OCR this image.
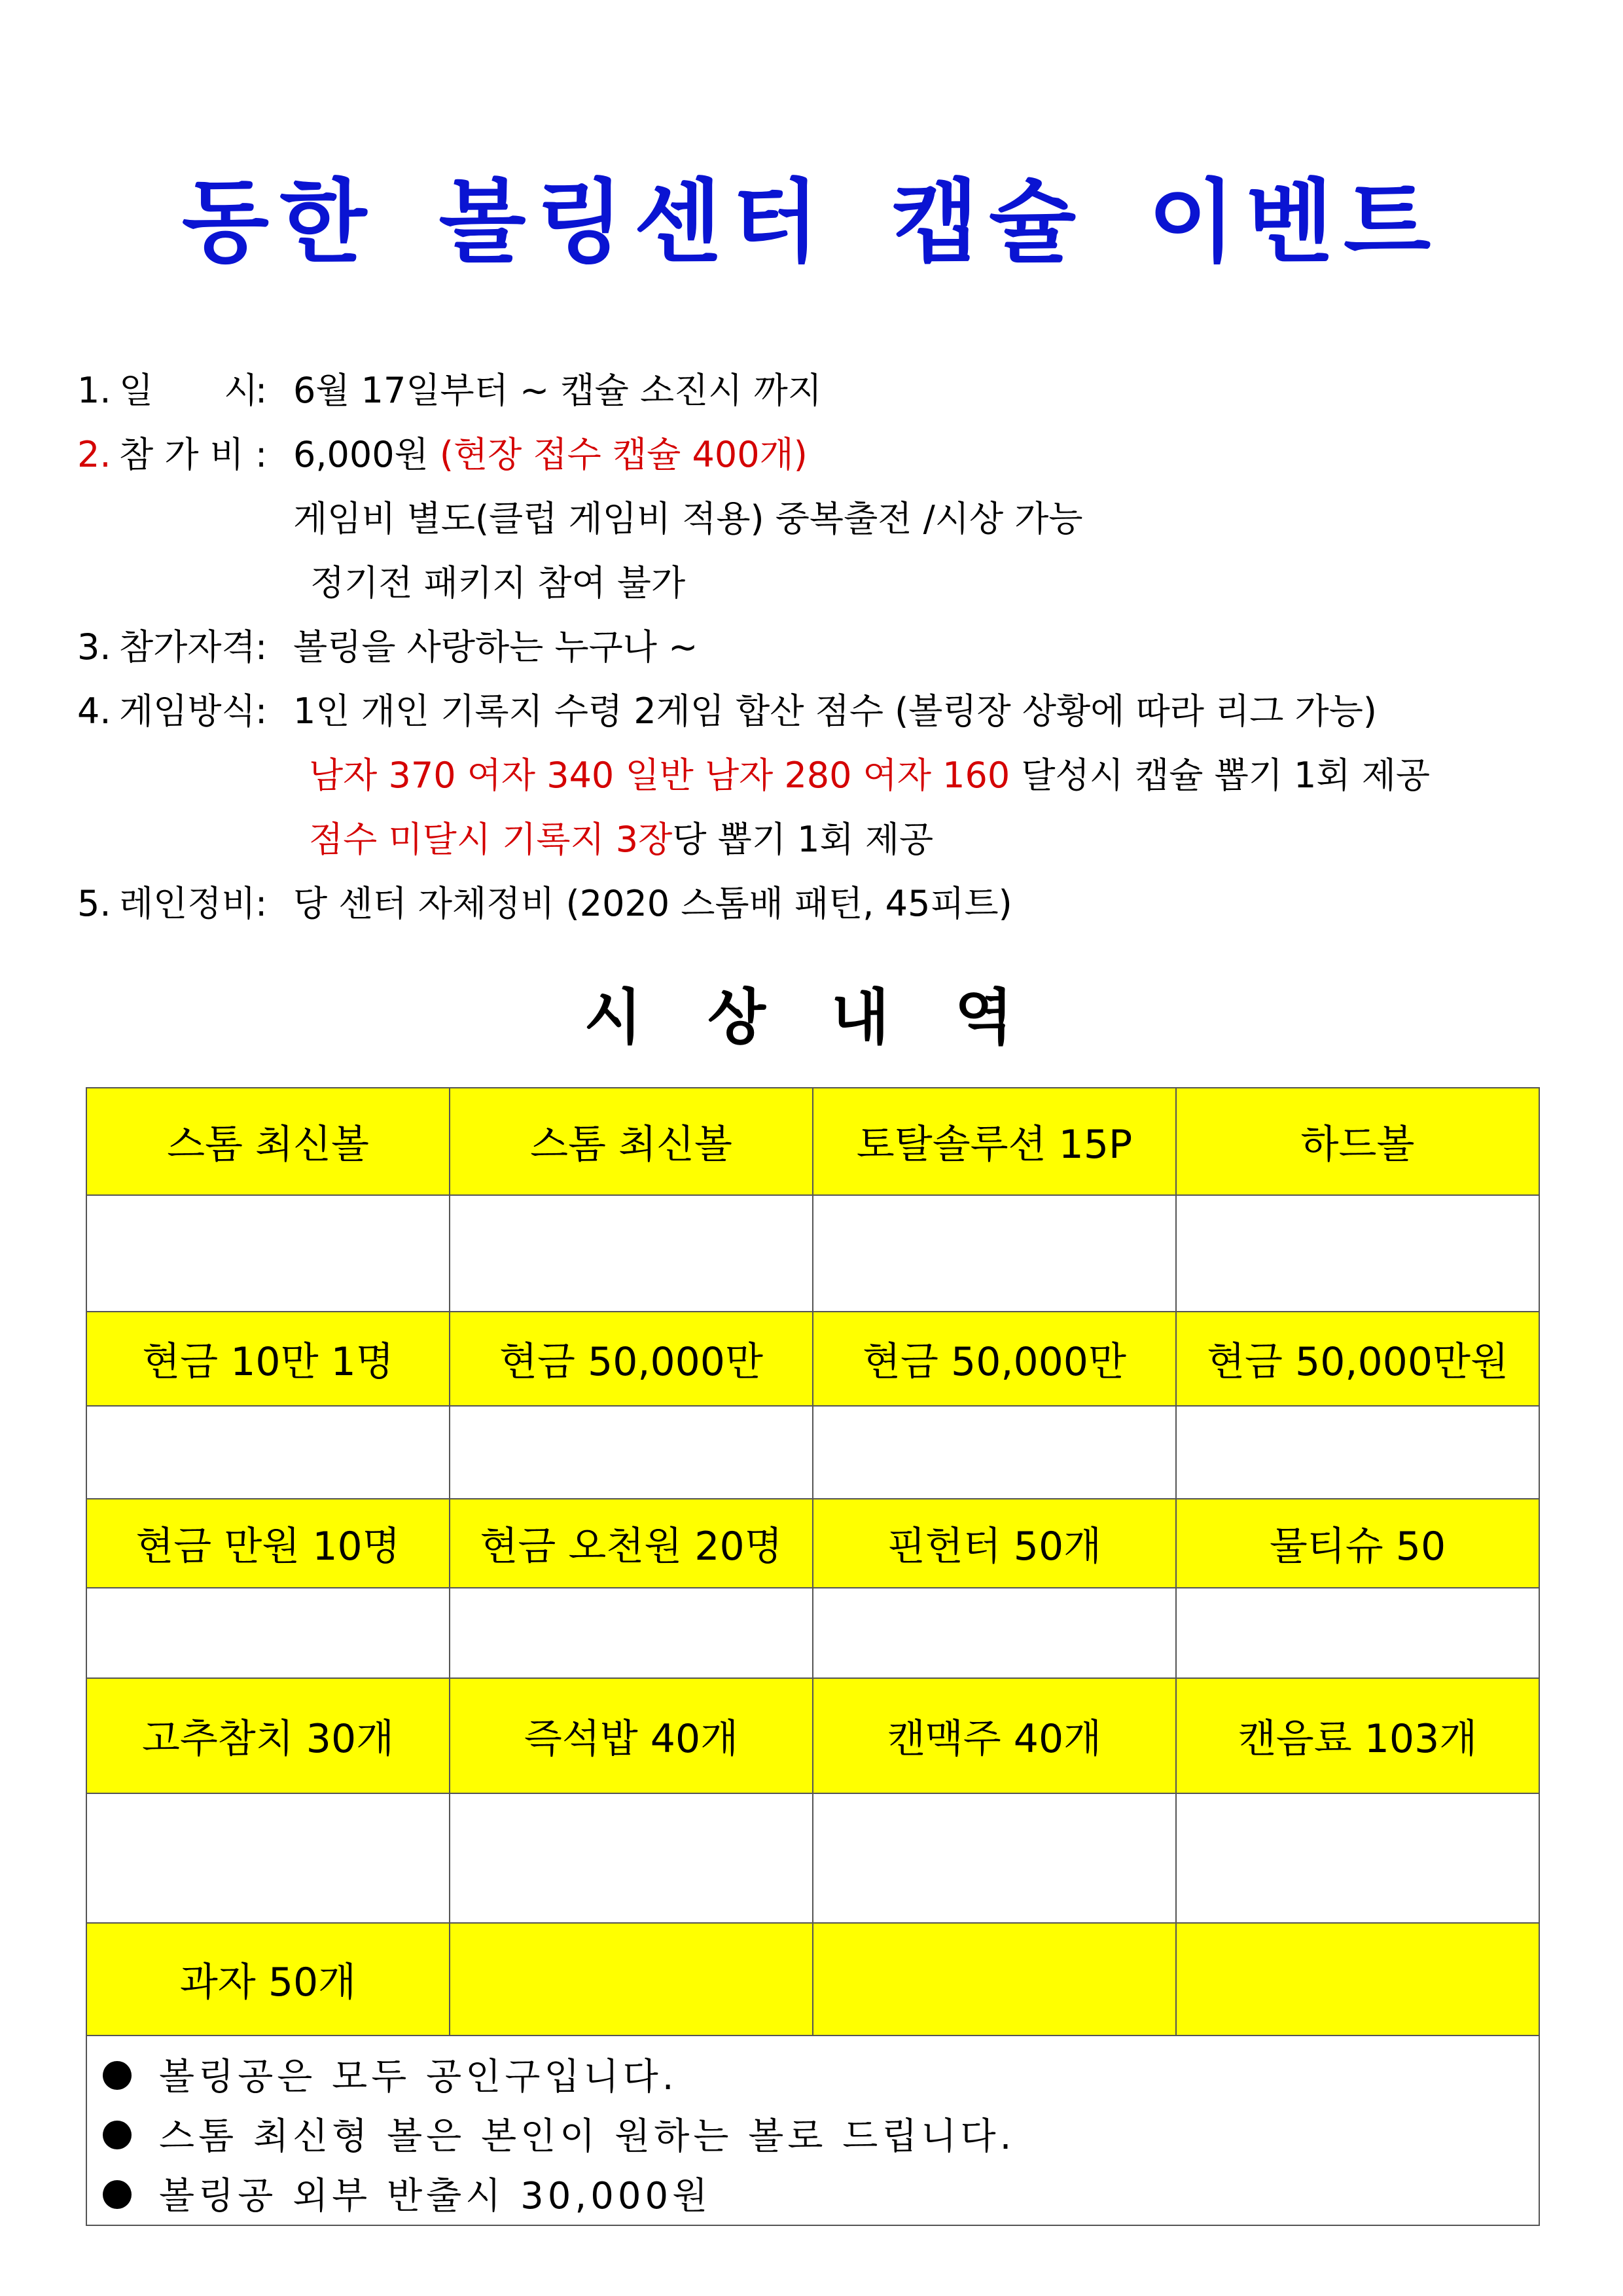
동한 볼링센터 캡슐 이벤트
1. 일　　시
: 6월 17일부터 ~ 캡슐 소진시 까지
2. 참 가 비 : 6,000원 (현장 접수 캡슐 400개)
게임비 별도(클럽 게임비 적용) 중복출전 /시상 가능
정기전 패키지 참여 불가
3. 참가자격 : 볼링을 사랑하는 누구나 ~
4. 게임방식 : 1인 개인 기록지 수령 2게임 합산 점수 (볼링장 상황에 따라 리그 가능)
남자 370 여자 340 일반 남자 280 여자 160 달성시 캡슐 뽑기 1회 제공
점수 미달시 기록지 3장당 뽑기 1회 제공
5. 레인정비 : 당 센터 자체정비 (2020 스톰배 패턴, 45피트)
시상내역
스톰 최신볼	스톰 최신볼	토탈솔루션 15P	하드볼

현금 10만 1명	현금 50,000만	현금 50,000만	현금 50,000만원

현금 만원 10명	현금 오천원 20명	핀헌터 50개	물티슈 50

고추참치 30개	즉석밥 40개	캔맥주 40개	캔음료 103개

과자 50개			
볼링공은 모두 공인구입니다.
스톰 최신형 볼은 본인이 원하는 볼로 드립니다.
볼링공 외부 반출시 30,000원
